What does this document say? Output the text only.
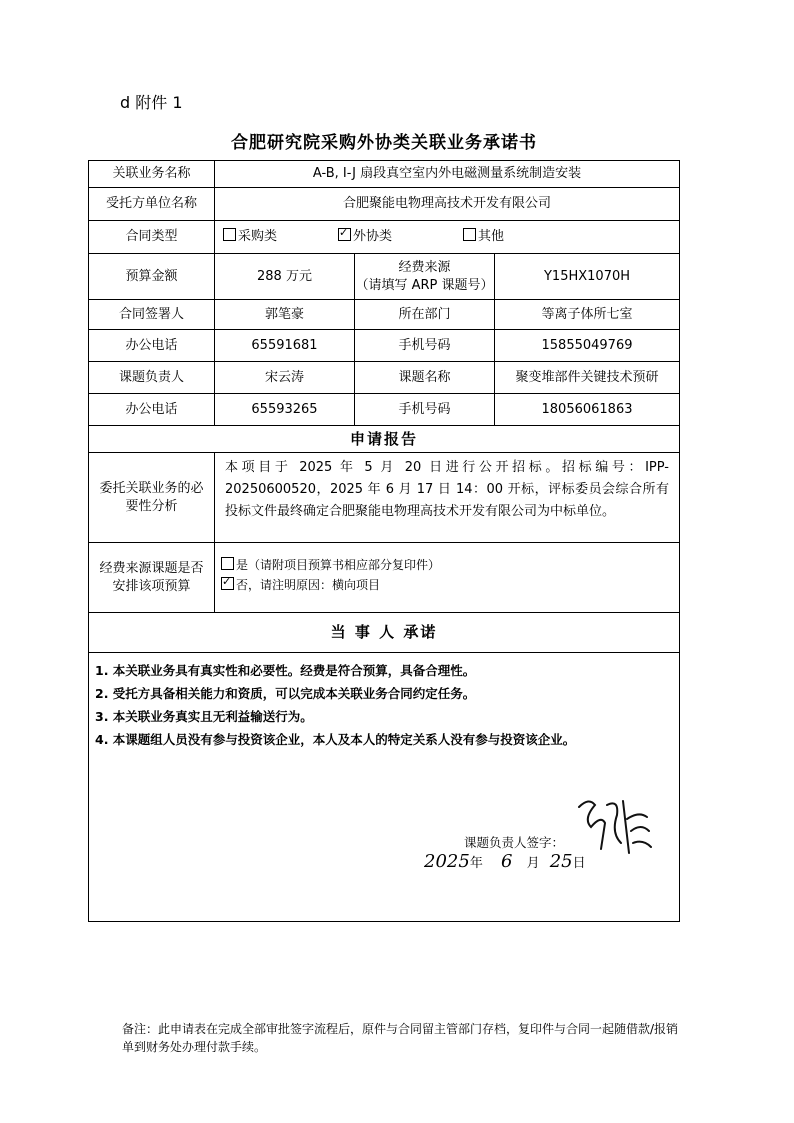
d 附件 1
合肥研究院采购外协类关联业务承诺书
关联业务名称	A-B, I-J 扇段真空室内外电磁测量系统制造安装
受托方单位名称	合肥聚能电物理高技术开发有限公司
合同类型	采购类
✓	外协类	其他
预算金额	288 万元
经费来源
（请填写 ARP 课题号）
Y15HX1070H
合同签署人	郭笔豪	所在部门	等离子体所七室
办公电话	65591681	手机号码	15855049769
课题负责人	宋云涛	课题名称	聚变堆部件关键技术预研
办公电话	65593265	手机号码	18056061863
申请报告
委托关联业务的必要性分析
本项目于 2025 年 5 月 20 日进行公开招标。招标编号：IPP-20250600520，2025 年 6 月 17 日 14：00 开标，评标委员会综合所有投标文件最终确定合肥聚能电物理高技术开发有限公司为中标单位。
经费来源课题是否安排该项预算
是（请附项目预算书相应部分复印件）
✓否，请注明原因：横向项目
当 事 人 承诺
1. 本关联业务具有真实性和必要性。经费是符合预算，具备合理性。
2. 受托方具备相关能力和资质，可以完成本关联业务合同约定任务。
3. 本关联业务真实且无利益输送行为。
4. 本课题组人员没有参与投资该企业，本人及本人的特定关系人没有参与投资该企业。
课题负责人签字：
2025年 6 月 25日
备注：此申请表在完成全部审批签字流程后，原件与合同留主管部门存档，复印件与合同一起随借款/报销单到财务处办理付款手续。
